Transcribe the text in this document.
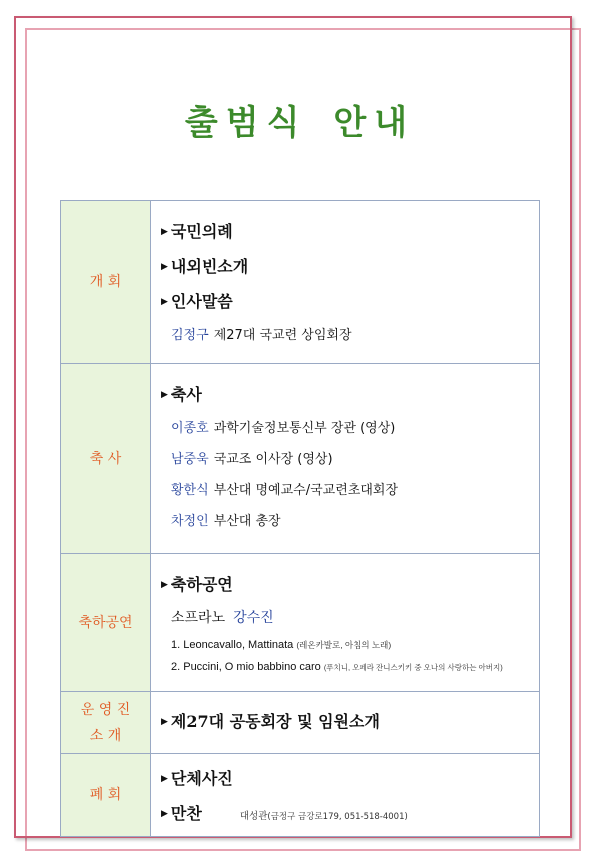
출범식 안내
개 회	▶ 국민의례
▶ 내외빈소개
▶ 인사말씀
김정구 제27대 국교련 상임회장

축 사	▶ 축사
이종호 과학기술정보통신부 장관 (영상)
남중욱 국교조 이사장 (영상)
황한식 부산대 명예교수/국교련초대회장
차정인 부산대 총장

축하공연	▶ 축하공연
소프라노 강수진
1. Leoncavallo, Mattinata (레온카발로, 아침의 노래)
2. Puccini, O mio babbino caro (푸치니, 오페라 잔니스키키 중 오나의 사랑하는 아버지)

운 영 진
소 개	▶ 제27대 공동회장 및 임원소개

폐 회	▶ 단체사진
▶ 만찬 대성관(금정구 금강로179, 051-518-4001)
